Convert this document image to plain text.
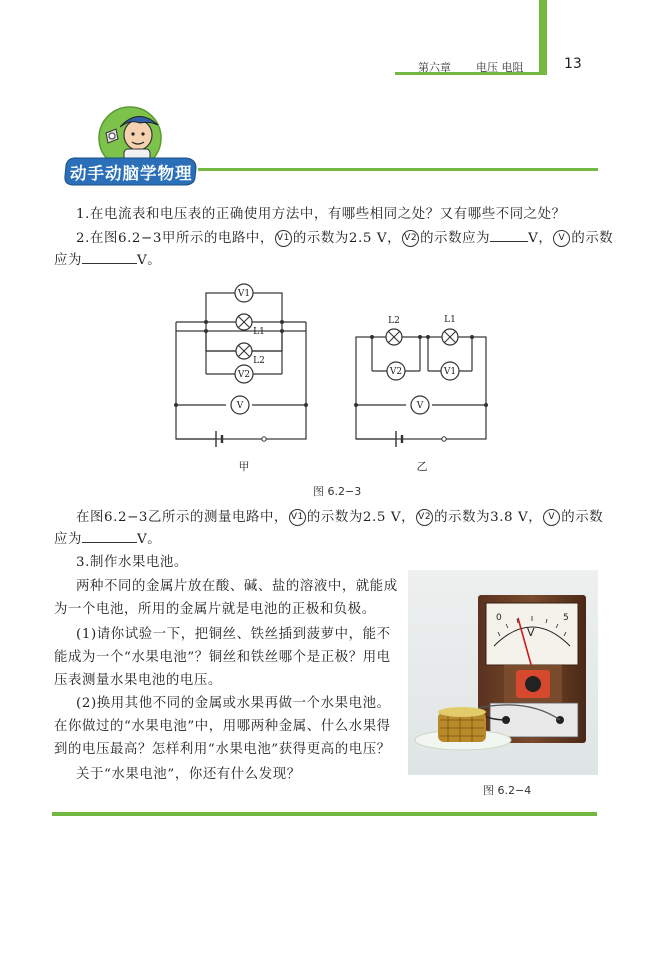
第六章 电压 电阻	13
动手动脑学物理
1.在电流表和电压表的正确使用方法中，有哪些相同之处？又有哪些不同之处？
2.在图6.2−3甲所示的电路中， V1 的示数为2.5 V， V2 的示数应为	V， V 的示数
应为	V。
V1
V2
V
L1
L2
V2	V1
V
L2	L1
甲	乙
图 6.2−3
在图6.2−3乙所示的测量电路中， V1 的示数为2.5 V， V2 的示数为3.8 V， V 的示数
应为	V。
3.制作水果电池。
两种不同的金属片放在酸、碱、盐的溶液中，就能成为一个电池，所用的金属片就是电池的正极和负极。
(1)请你试验一下，把铜丝、铁丝插到菠萝中，能不能成为一个“水果电池”？铜丝和铁丝哪个是正极？用电压表测量水果电池的电压。
(2)换用其他不同的金属或水果再做一个水果电池。在你做过的“水果电池”中，用哪两种金属、什么水果得到的电压最高？怎样利用“水果电池”获得更高的电压？
关于“水果电池”，你还有什么发现？
0	5
V
图 6.2−4
